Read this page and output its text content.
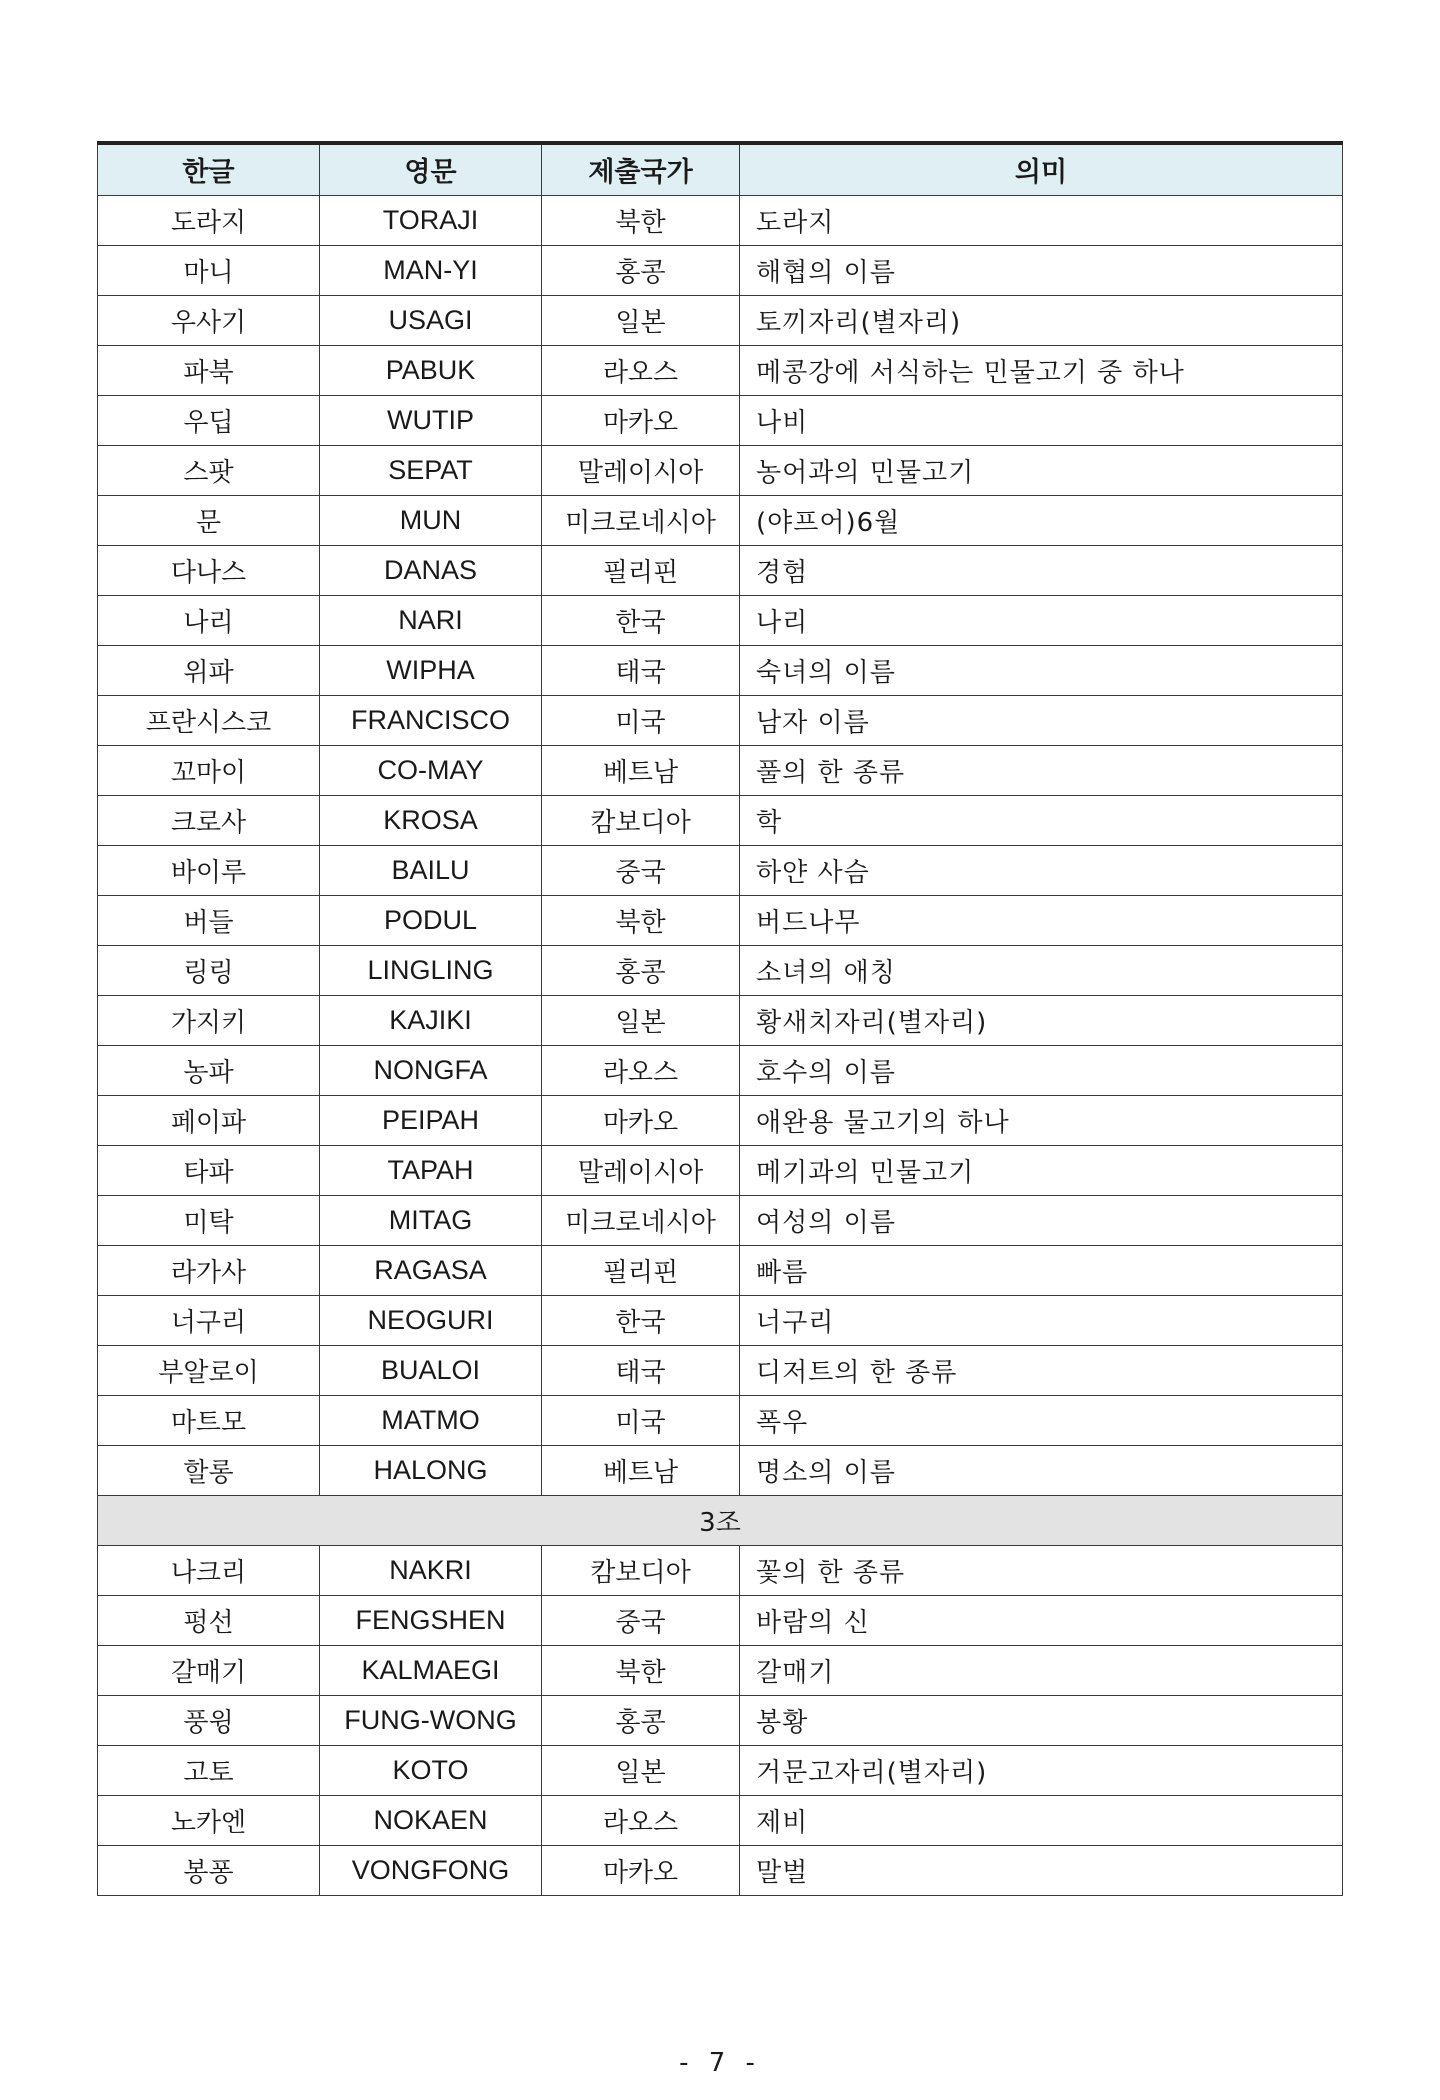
한글	영문	제출국가	의미
도라지	TORAJI	북한	도라지
마니	MAN-YI	홍콩	해협의 이름
우사기	USAGI	일본	토끼자리(별자리)
파북	PABUK	라오스	메콩강에 서식하는 민물고기 중 하나
우딥	WUTIP	마카오	나비
스팟	SEPAT	말레이시아	농어과의 민물고기
문	MUN	미크로네시아	(야프어)6월
다나스	DANAS	필리핀	경험
나리	NARI	한국	나리
위파	WIPHA	태국	숙녀의 이름
프란시스코	FRANCISCO	미국	남자 이름
꼬마이	CO-MAY	베트남	풀의 한 종류
크로사	KROSA	캄보디아	학
바이루	BAILU	중국	하얀 사슴
버들	PODUL	북한	버드나무
링링	LINGLING	홍콩	소녀의 애칭
가지키	KAJIKI	일본	황새치자리(별자리)
농파	NONGFA	라오스	호수의 이름
페이파	PEIPAH	마카오	애완용 물고기의 하나
타파	TAPAH	말레이시아	메기과의 민물고기
미탁	MITAG	미크로네시아	여성의 이름
라가사	RAGASA	필리핀	빠름
너구리	NEOGURI	한국	너구리
부알로이	BUALOI	태국	디저트의 한 종류
마트모	MATMO	미국	폭우
할롱	HALONG	베트남	명소의 이름
3조			
나크리	NAKRI	캄보디아	꽃의 한 종류
펑선	FENGSHEN	중국	바람의 신
갈매기	KALMAEGI	북한	갈매기
풍윙	FUNG-WONG	홍콩	봉황
고토	KOTO	일본	거문고자리(별자리)
노카엔	NOKAEN	라오스	제비
봉퐁	VONGFONG	마카오	말벌
- 7 -
